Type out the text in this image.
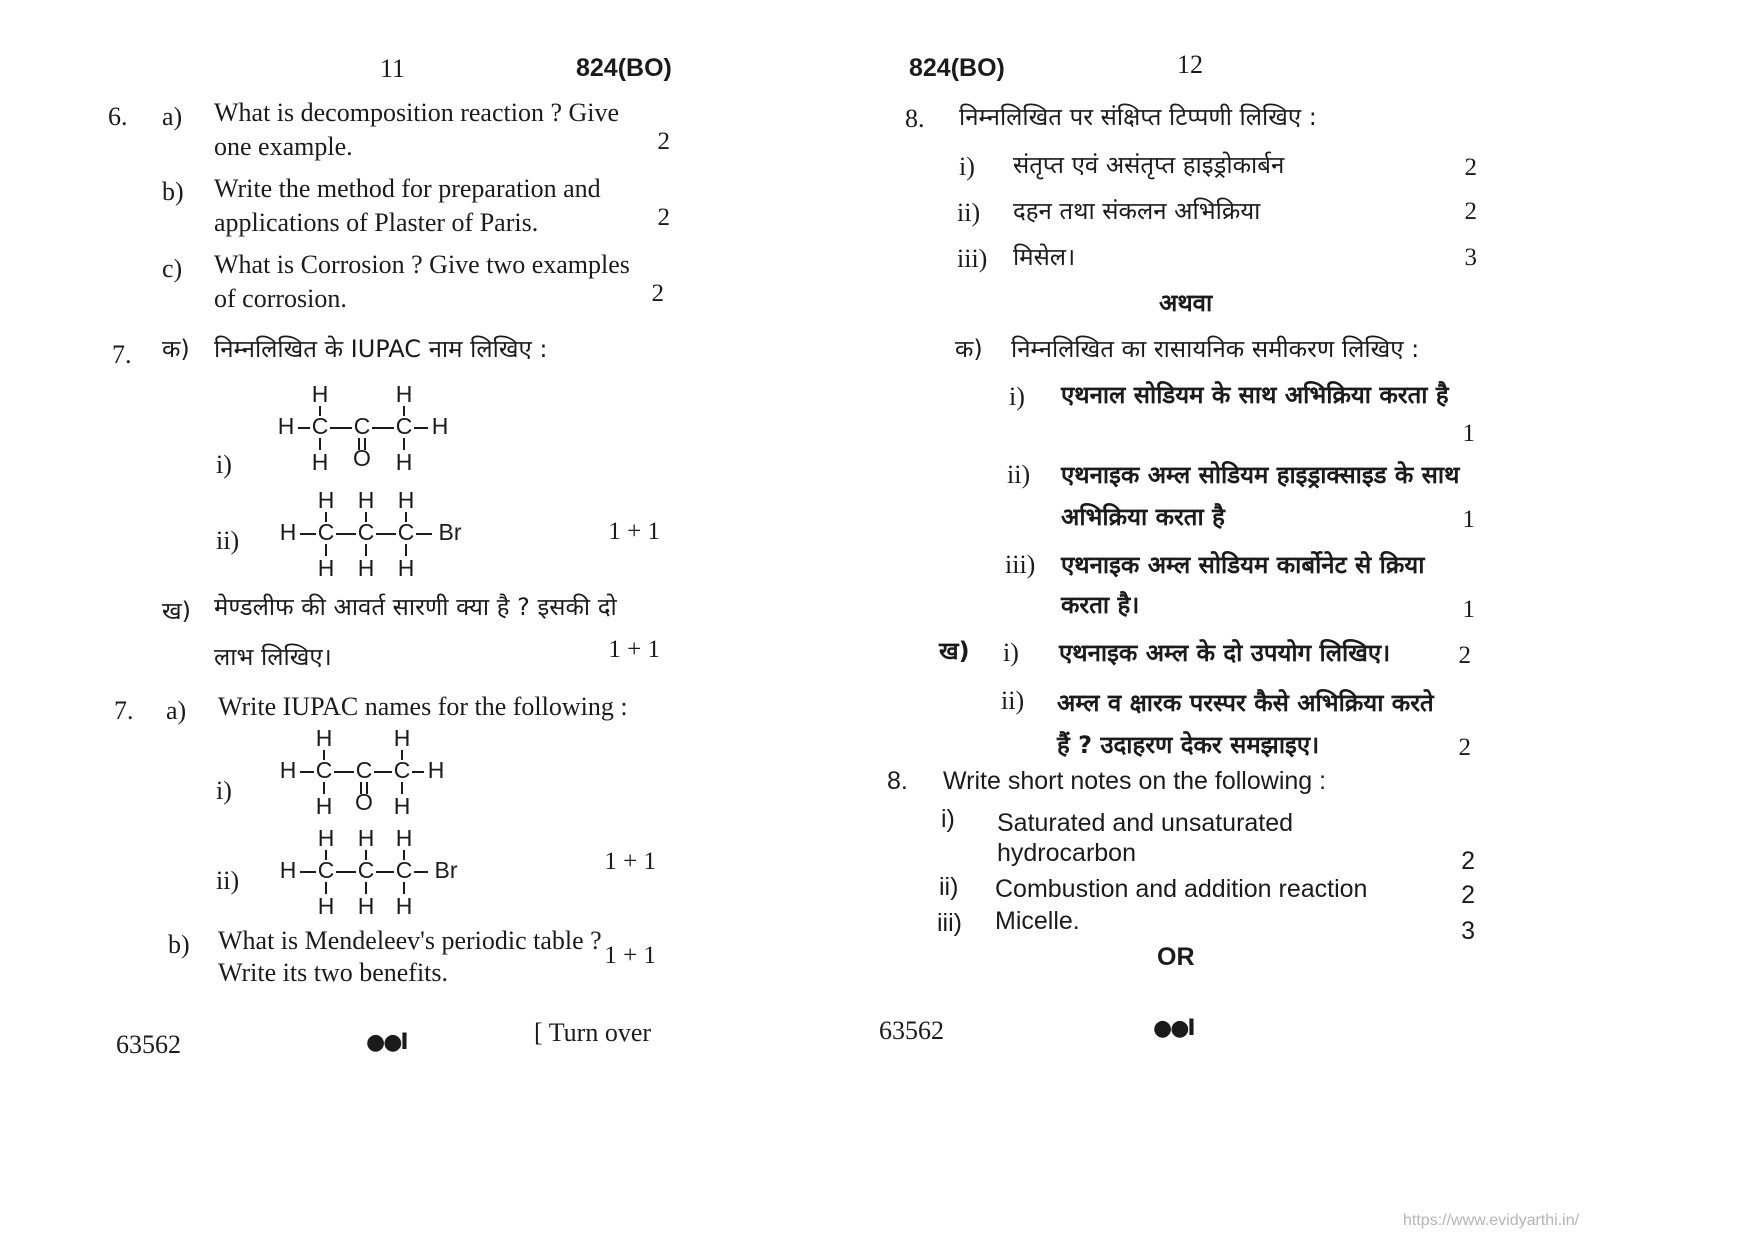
11	824(BO)
6. a) What is decomposition reaction ? Give
one example.	2
b) Write the method for preparation and
applications of Plaster of Paris.	2
c) What is Corrosion ? Give two examples
of corrosion.	2
7. क) निम्नलिखित के IUPAC नाम लिखिए :
i)
H	H
H C C C H
H O H
ii)
H H H
H C C C Br
H H H
1 + 1
ख) मेण्डलीफ की आवर्त सारणी क्या है ? इसकी दो
लाभ लिखिए।	1 + 1
7. a) Write IUPAC names for the following :
i)
H	H
H C C C H
H O H
ii)
H H H
H C C C Br
H H H
1 + 1
b) What is Mendeleev's periodic table ?
Write its two benefits.
1 + 1
63562	●●I	[ Turn over
824(BO)	12
8. निम्नलिखित पर संक्षिप्त टिप्पणी लिखिए :
i) संतृप्त एवं असंतृप्त हाइड्रोकार्बन	2
ii) दहन तथा संकलन अभिक्रिया	2
iii) मिसेल।	3
अथवा
क) निम्नलिखित का रासायनिक समीकरण लिखिए :
i) एथनाल सोडियम के साथ अभिक्रिया करता है
1
ii) एथनाइक अम्ल सोडियम हाइड्राक्साइड के साथ
अभिक्रिया करता है	1
iii) एथनाइक अम्ल सोडियम कार्बोनेट से क्रिया
करता है।	1
ख) i) एथनाइक अम्ल के दो उपयोग लिखिए।	2
ii) अम्ल व क्षारक परस्पर कैसे अभिक्रिया करते
हैं ? उदाहरण देकर समझाइए।	2
8. Write short notes on the following :
i) Saturated and unsaturated
hydrocarbon	2
ii) Combustion and addition reaction	2
iii) Micelle.	3
OR
63562	●●I
https://www.evidyarthi.in/
